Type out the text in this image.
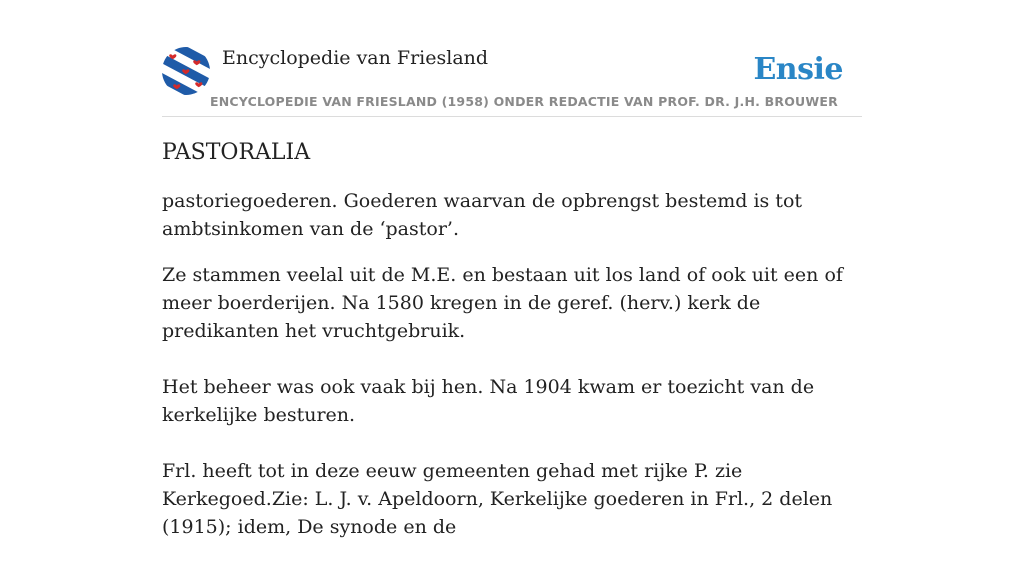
Encyclopedie van Friesland
ENCYCLOPEDIE VAN FRIESLAND (1958) ONDER REDACTIE VAN PROF. DR. J.H. BROUWER
Ensie
PASTORALIA

pastoriegoederen. Goederen waarvan de opbrengst bestemd is tot ambtsinkomen van de ‘pastor’.

Ze stammen veelal uit de M.E. en bestaan uit los land of ook uit een of meer boerderijen. Na 1580 kregen in de geref. (herv.) kerk de predikanten het vruchtgebruik.

Het beheer was ook vaak bij hen. Na 1904 kwam er toezicht van de kerkelijke besturen.

Frl. heeft tot in deze eeuw gemeenten gehad met rijke P. zie Kerkegoed.Zie: L. J. v. Apeldoorn, Kerkelijke goederen in Frl., 2 delen (1915); idem, De synode en de
